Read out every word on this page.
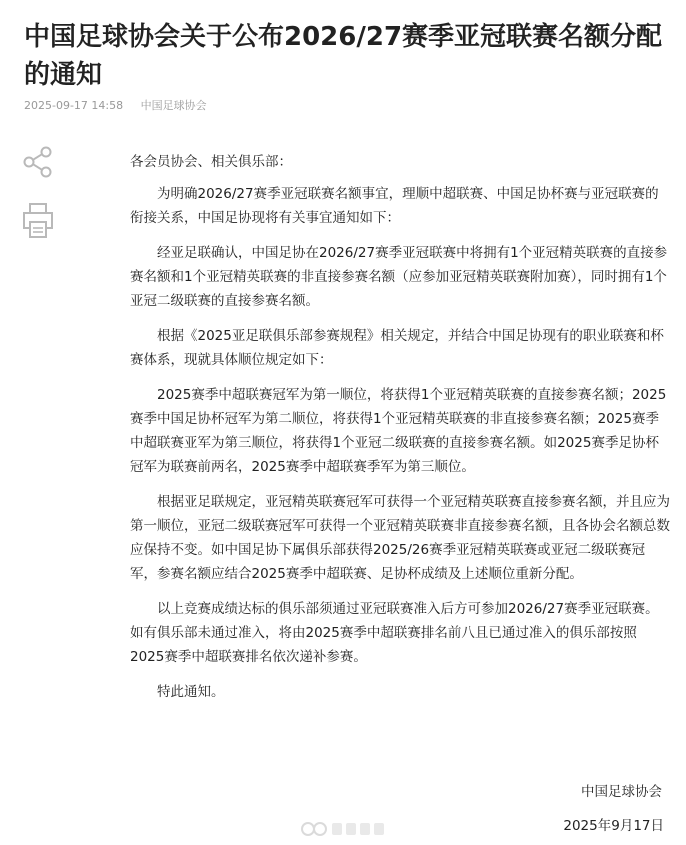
中国足球协会关于公布2026/27赛季亚冠联赛名额分配的通知
2025-09-17 14:58 中国足球协会

各会员协会、相关俱乐部：

为明确2026/27赛季亚冠联赛名额事宜，理顺中超联赛、中国足协杯赛与亚冠联赛的衔接关系，中国足协现将有关事宜通知如下：

经亚足联确认，中国足协在2026/27赛季亚冠联赛中将拥有1个亚冠精英联赛的直接参赛名额和1个亚冠精英联赛的非直接参赛名额（应参加亚冠精英联赛附加赛），同时拥有1个亚冠二级联赛的直接参赛名额。

根据《2025亚足联俱乐部参赛规程》相关规定，并结合中国足协现有的职业联赛和杯赛体系，现就具体顺位规定如下：

2025赛季中超联赛冠军为第一顺位，将获得1个亚冠精英联赛的直接参赛名额；2025赛季中国足协杯冠军为第二顺位，将获得1个亚冠精英联赛的非直接参赛名额；2025赛季中超联赛亚军为第三顺位，将获得1个亚冠二级联赛的直接参赛名额。如2025赛季足协杯冠军为联赛前两名，2025赛季中超联赛季军为第三顺位。

根据亚足联规定，亚冠精英联赛冠军可获得一个亚冠精英联赛直接参赛名额，并且应为第一顺位，亚冠二级联赛冠军可获得一个亚冠精英联赛非直接参赛名额，且各协会名额总数应保持不变。如中国足协下属俱乐部获得2025/26赛季亚冠精英联赛或亚冠二级联赛冠军，参赛名额应结合2025赛季中超联赛、足协杯成绩及上述顺位重新分配。

以上竞赛成绩达标的俱乐部须通过亚冠联赛准入后方可参加2026/27赛季亚冠联赛。如有俱乐部未通过准入，将由2025赛季中超联赛排名前八且已通过准入的俱乐部按照2025赛季中超联赛排名依次递补参赛。

特此通知。

中国足球协会
2025年9月17日
